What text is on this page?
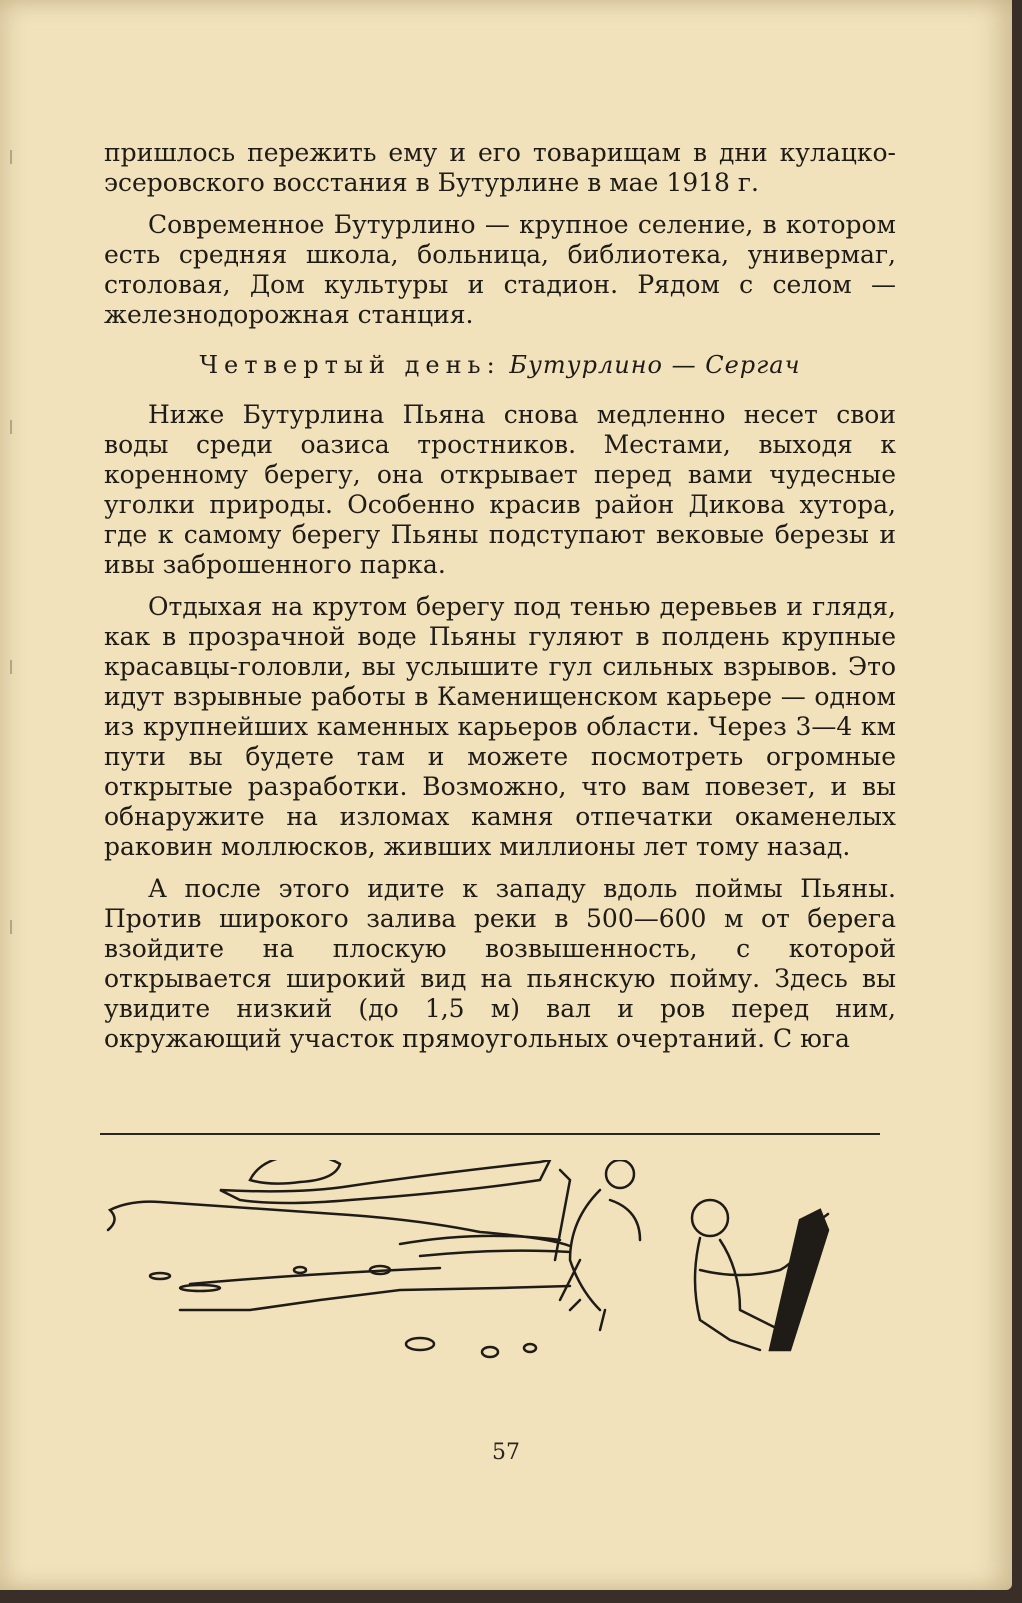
пришлось пережить ему и его товарищам в дни кулацко-эсеровского восстания в Бутурлине в мае 1918 г.

Современное Бутурлино — крупное селение, в котором есть средняя школа, больница, библиотека, универмаг, столовая, Дом культуры и стадион. Рядом с селом — железнодорожная станция.

Четвертый день: Бутурлино — Сергач

Ниже Бутурлина Пьяна снова медленно несет свои воды среди оазиса тростников. Местами, выходя к коренному берегу, она открывает перед вами чудесные уголки природы. Особенно красив район Дикова хутора, где к самому берегу Пьяны подступают вековые березы и ивы заброшенного парка.

Отдыхая на крутом берегу под тенью деревьев и глядя, как в прозрачной воде Пьяны гуляют в полдень крупные красавцы-головли, вы услышите гул сильных взрывов. Это идут взрывные работы в Каменищенском карьере — одном из крупнейших каменных карьеров области. Через 3—4 км пути вы будете там и можете посмотреть огромные открытые разработки. Возможно, что вам повезет, и вы обнаружите на изломах камня отпечатки окаменелых раковин моллюсков, живших миллионы лет тому назад.

А после этого идите к западу вдоль поймы Пьяны. Против широкого залива реки в 500—600 м от берега взойдите на плоскую возвышенность, с которой открывается широкий вид на пьянскую пойму. Здесь вы увидите низкий (до 1,5 м) вал и ров перед ним, окружающий участок прямоугольных очертаний. С юга

57
